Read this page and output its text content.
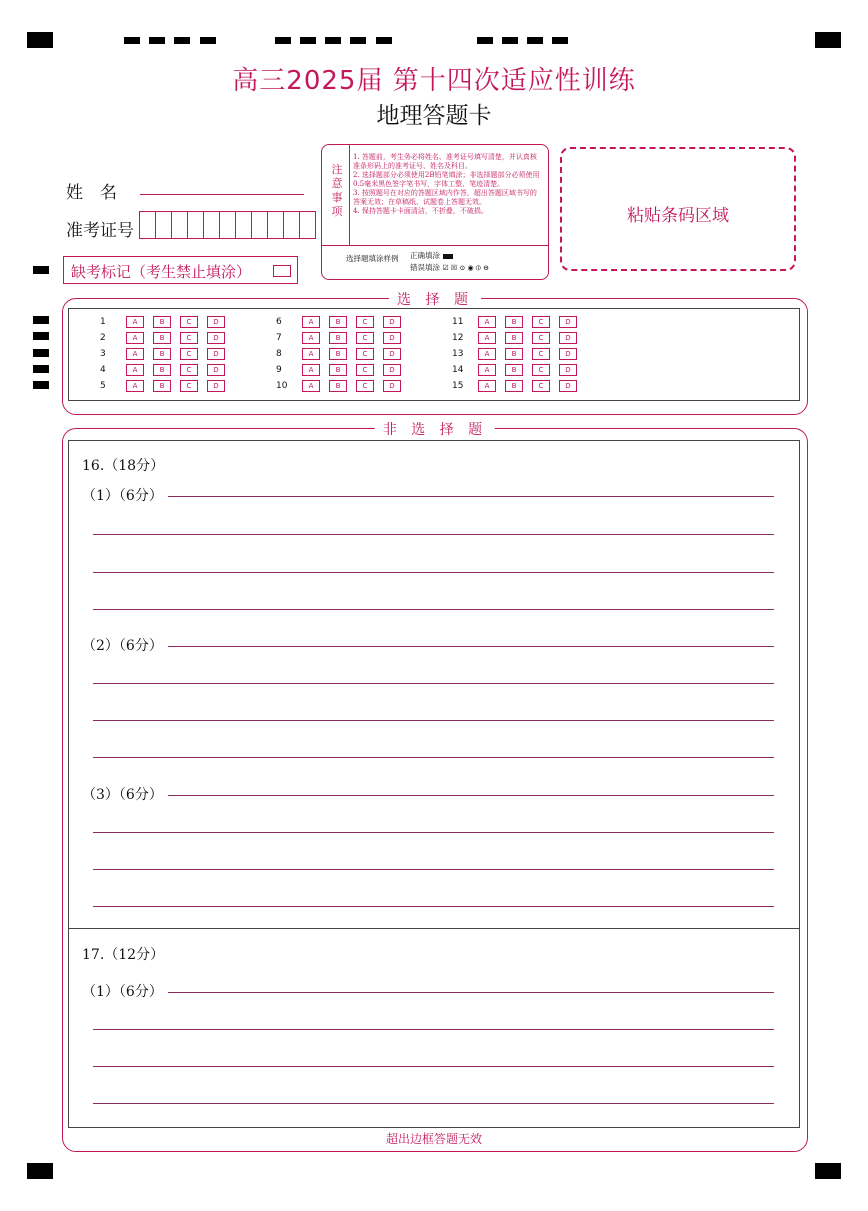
高三2025届 第十四次适应性训练
地理答题卡
姓　名
准考证号
缺考标记（考生禁止填涂）
注意事项
1. 答题前，考生务必将姓名、准考证号填写清楚，并认真核准条形码上的准考证号、姓名及科目。
2. 选择题部分必须使用2B铅笔填涂；非选择题部分必须使用0.5毫米黑色签字笔书写，字体工整、笔迹清楚。
3. 按照题号在对应的答题区域内作答，超出答题区域书写的答案无效；在草稿纸、试题卷上答题无效。
4. 保持答题卡卡面清洁，不折叠，不破损。
选择题填涂样例 正确填涂
错误填涂 ☑ ☒ ⊙ ◉ ⦶ ⊖
粘贴条码区域
选 择 题
1	A	B	C	D
2	A	B	C	D
3	A	B	C	D
4	A	B	C	D
5	A	B	C	D
6	A	B	C	D
7	A	B	C	D
8	A	B	C	D
9	A	B	C	D
10	A	B	C	D
11	A	B	C	D
12	A	B	C	D
13	A	B	C	D
14	A	B	C	D
15	A	B	C	D
非 选 择 题
16.（18分）
（1）（6分）
（2）（6分）
（3）（6分）
17.（12分）
（1）（6分）
超出边框答题无效
